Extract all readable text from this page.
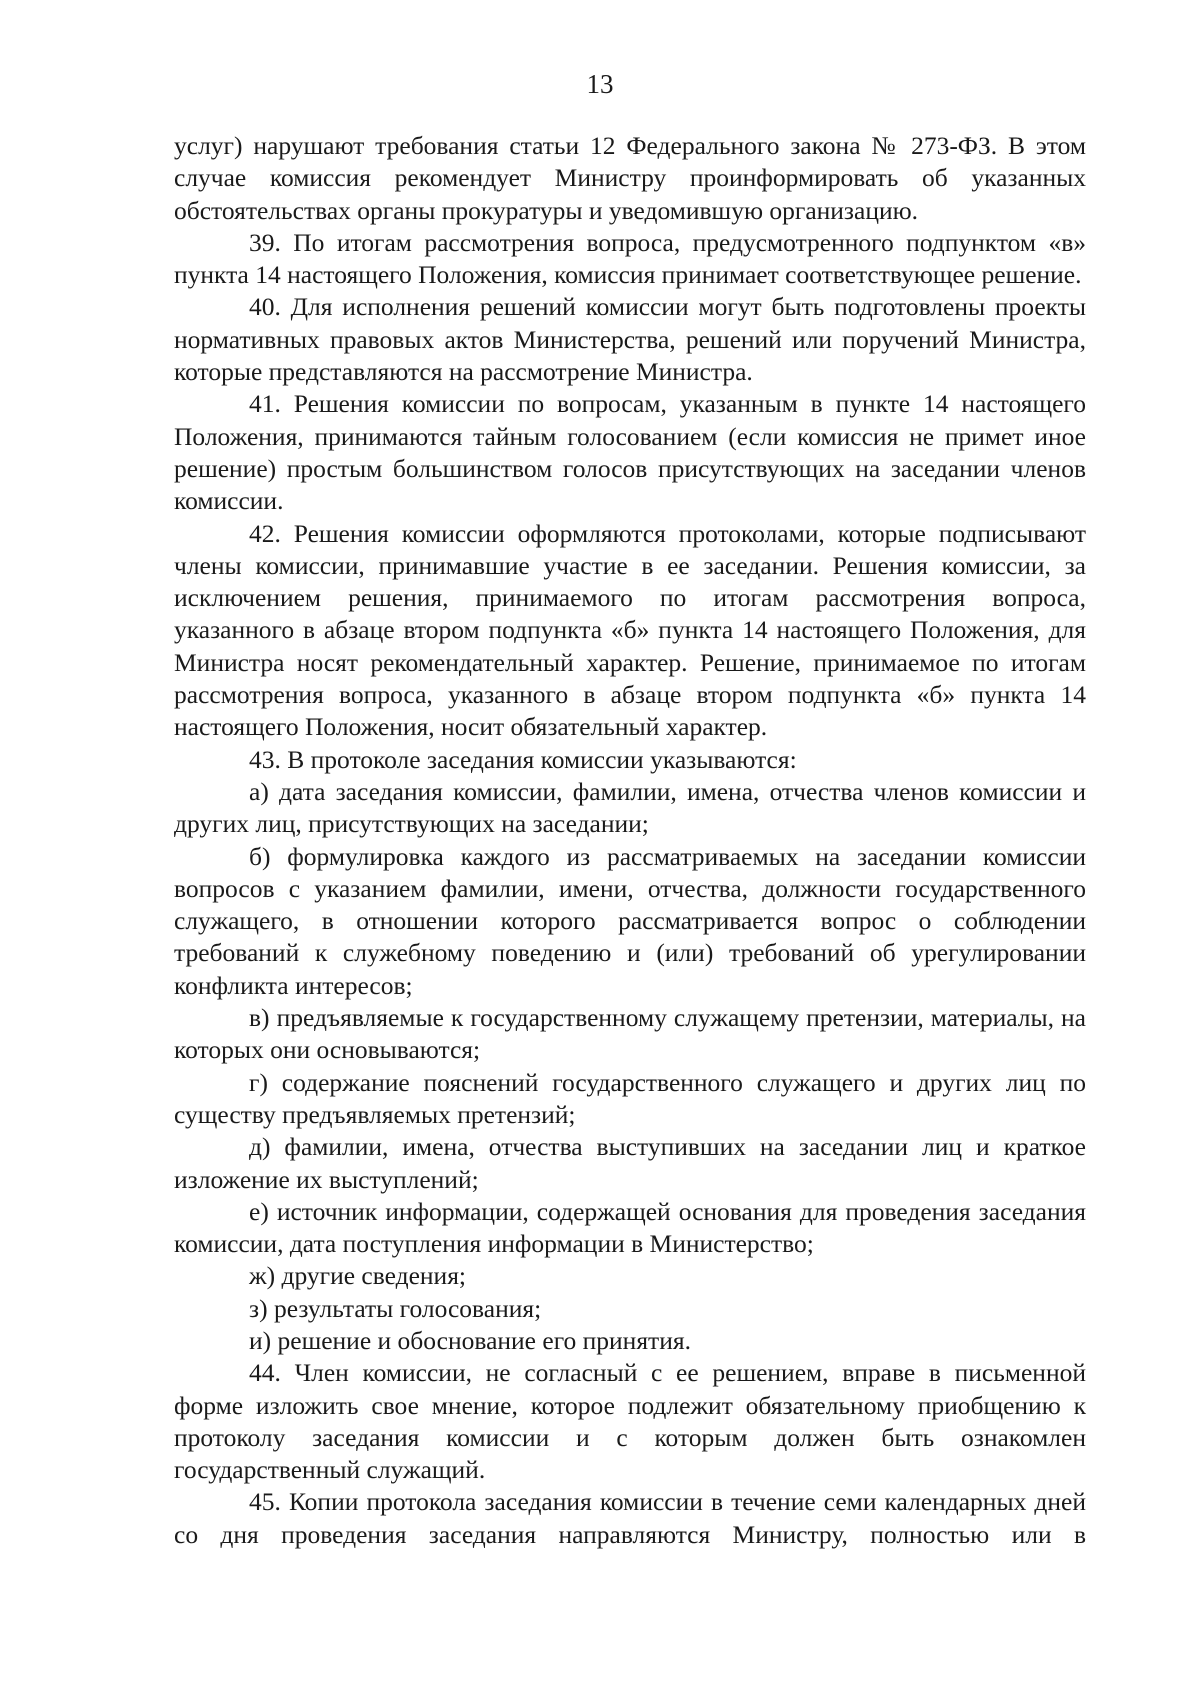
13

услуг) нарушают требования статьи 12 Федерального закона № 273-ФЗ. В этом случае комиссия рекомендует Министру проинформировать об указанных обстоятельствах органы прокуратуры и уведомившую организацию.

39. По итогам рассмотрения вопроса, предусмотренного подпунктом «в» пункта 14 настоящего Положения, комиссия принимает соответствующее решение.

40. Для исполнения решений комиссии могут быть подготовлены проекты нормативных правовых актов Министерства, решений или поручений Министра, которые представляются на рассмотрение Министра.

41. Решения комиссии по вопросам, указанным в пункте 14 настоящего Положения, принимаются тайным голосованием (если комиссия не примет иное решение) простым большинством голосов присутствующих на заседании членов комиссии.

42. Решения комиссии оформляются протоколами, которые подписывают члены комиссии, принимавшие участие в ее заседании. Решения комиссии, за исключением решения, принимаемого по итогам рассмотрения вопроса, указанного в абзаце втором подпункта «б» пункта 14 настоящего Положения, для Министра носят рекомендательный характер. Решение, принимаемое по итогам рассмотрения вопроса, указанного в абзаце втором подпункта «б» пункта 14 настоящего Положения, носит обязательный характер.

43. В протоколе заседания комиссии указываются:

а) дата заседания комиссии, фамилии, имена, отчества членов комиссии и других лиц, присутствующих на заседании;

б) формулировка каждого из рассматриваемых на заседании комиссии вопросов с указанием фамилии, имени, отчества, должности государственного служащего, в отношении которого рассматривается вопрос о соблюдении требований к служебному поведению и (или) требований об урегулировании конфликта интересов;

в) предъявляемые к государственному служащему претензии, материалы, на которых они основываются;

г) содержание пояснений государственного служащего и других лиц по существу предъявляемых претензий;

д) фамилии, имена, отчества выступивших на заседании лиц и краткое изложение их выступлений;

е) источник информации, содержащей основания для проведения заседания комиссии, дата поступления информации в Министерство;

ж) другие сведения;

з) результаты голосования;

и) решение и обоснование его принятия.

44. Член комиссии, не согласный с ее решением, вправе в письменной форме изложить свое мнение, которое подлежит обязательному приобщению к протоколу заседания комиссии и с которым должен быть ознакомлен государственный служащий.

45. Копии протокола заседания комиссии в течение семи календарных дней со дня проведения заседания направляются Министру, полностью или в
